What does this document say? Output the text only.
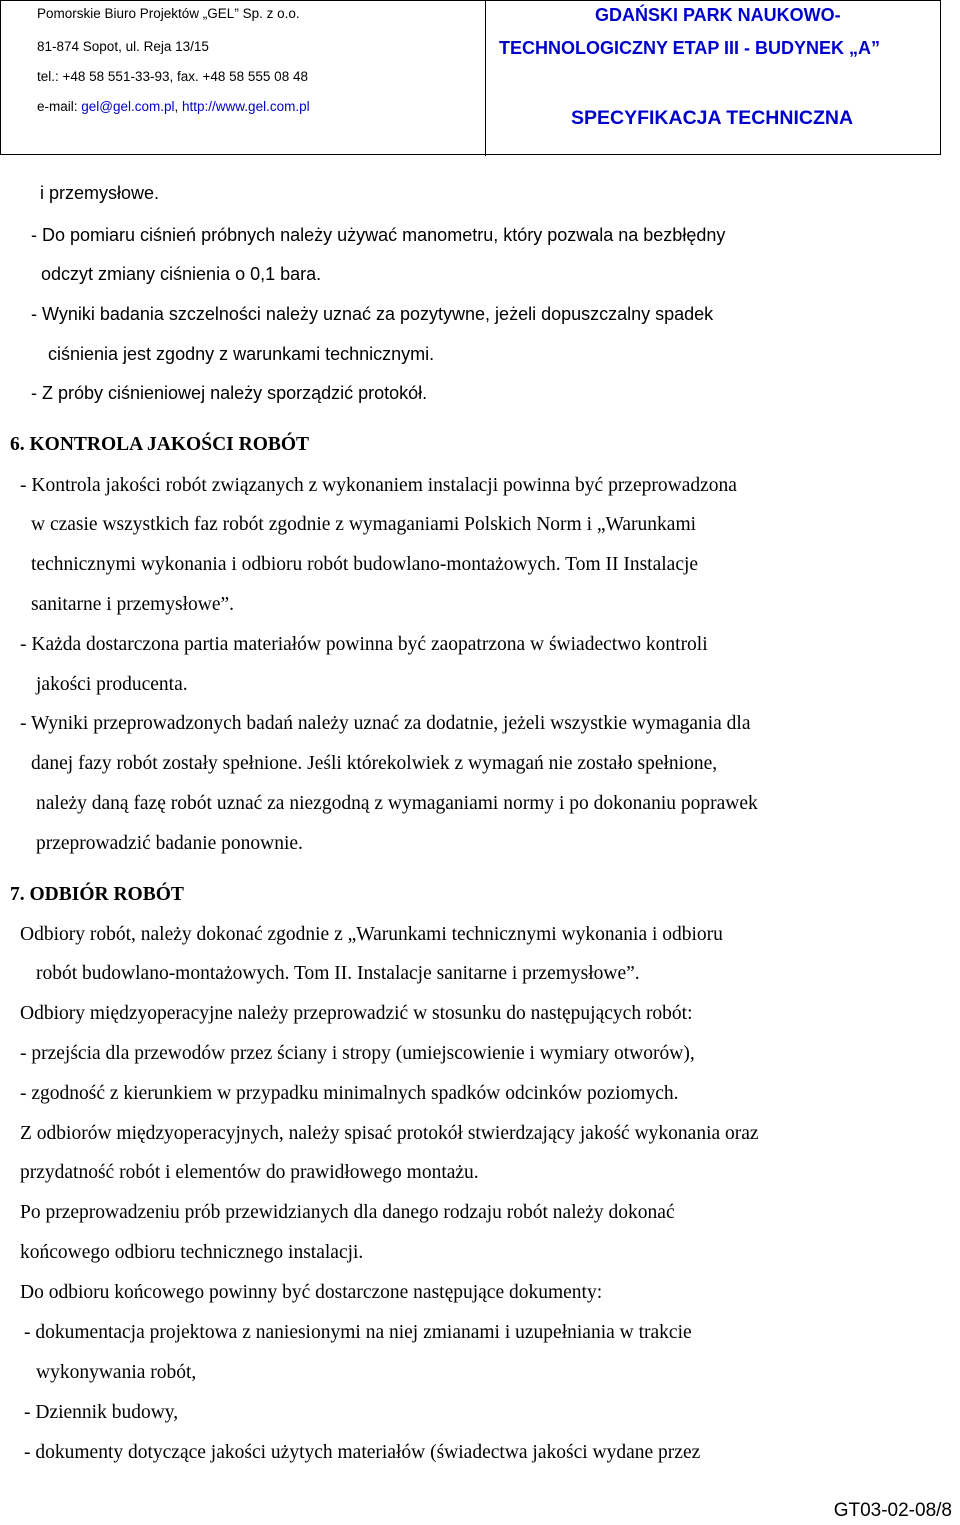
Pomorskie Biuro Projektów „GEL” Sp. z o.o.
81-874 Sopot, ul. Reja 13/15
tel.: +48 58 551-33-93, fax. +48 58 555 08 48
e-mail: gel@gel.com.pl, http://www.gel.com.pl
GDAŃSKI PARK NAUKOWO-
TECHNOLOGICZNY ETAP III - BUDYNEK „A”
SPECYFIKACJA TECHNICZNA
i przemysłowe.
- Do pomiaru ciśnień próbnych należy używać manometru, który pozwala na bezbłędny
odczyt zmiany ciśnienia o 0,1 bara.
- Wyniki badania szczelności należy uznać za pozytywne, jeżeli dopuszczalny spadek
ciśnienia jest zgodny z warunkami technicznymi.
- Z próby ciśnieniowej należy sporządzić protokół.
6. KONTROLA JAKOŚCI ROBÓT
- Kontrola jakości robót związanych z wykonaniem instalacji powinna być przeprowadzona
w czasie wszystkich faz robót zgodnie z wymaganiami Polskich Norm i „Warunkami
technicznymi wykonania i odbioru robót budowlano-montażowych. Tom II Instalacje
sanitarne i przemysłowe”.
- Każda dostarczona partia materiałów powinna być zaopatrzona w świadectwo kontroli
jakości producenta.
- Wyniki przeprowadzonych badań należy uznać za dodatnie, jeżeli wszystkie wymagania dla
danej fazy robót zostały spełnione. Jeśli którekolwiek z wymagań nie zostało spełnione,
należy daną fazę robót uznać za niezgodną z wymaganiami normy i po dokonaniu poprawek
przeprowadzić badanie ponownie.
7. ODBIÓR ROBÓT
Odbiory robót, należy dokonać zgodnie z „Warunkami technicznymi wykonania i odbioru
robót budowlano-montażowych. Tom II. Instalacje sanitarne i przemysłowe”.
Odbiory międzyoperacyjne należy przeprowadzić w stosunku do następujących robót:
- przejścia dla przewodów przez ściany i stropy (umiejscowienie i wymiary otworów),
- zgodność z kierunkiem w przypadku minimalnych spadków odcinków poziomych.
Z odbiorów międzyoperacyjnych, należy spisać protokół stwierdzający jakość wykonania oraz
przydatność robót i elementów do prawidłowego montażu.
Po przeprowadzeniu prób przewidzianych dla danego rodzaju robót należy dokonać
końcowego odbioru technicznego instalacji.
Do odbioru końcowego powinny być dostarczone następujące dokumenty:
- dokumentacja projektowa z naniesionymi na niej zmianami i uzupełniania w trakcie
wykonywania robót,
- Dziennik budowy,
- dokumenty dotyczące jakości użytych materiałów (świadectwa jakości wydane przez
GT03-02-08/8
